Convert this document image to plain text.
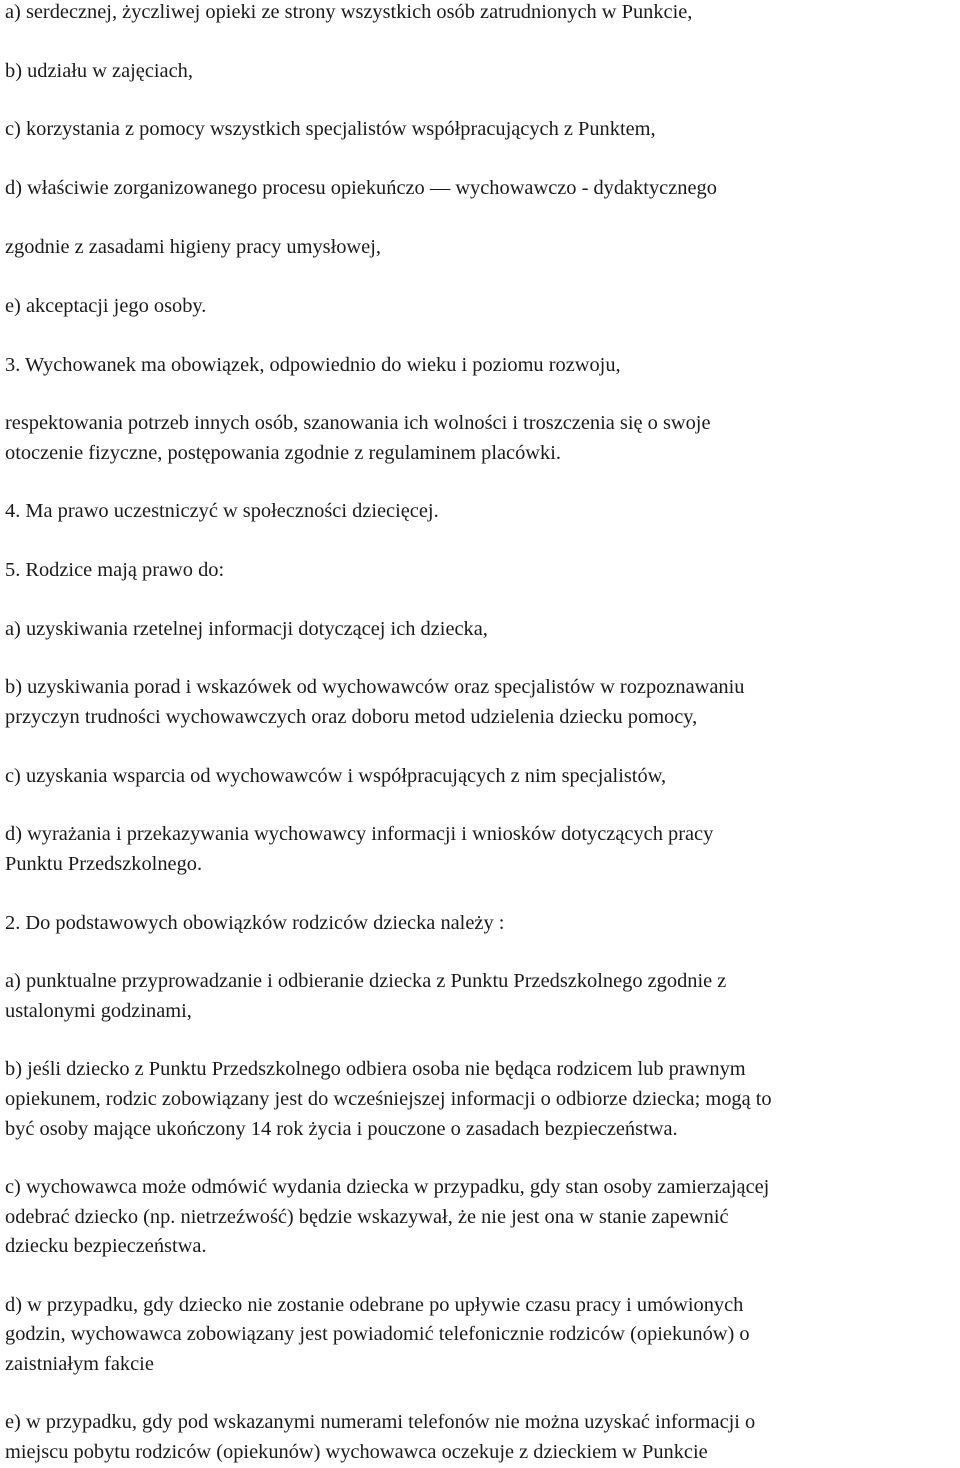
a) serdecznej, życzliwej opieki ze strony wszystkich osób zatrudnionych w Punkcie,

b) udziału w zajęciach,

c) korzystania z pomocy wszystkich specjalistów współpracujących z Punktem,

d) właściwie zorganizowanego procesu opiekuńczo ― wychowawczo - dydaktycznego

zgodnie z zasadami higieny pracy umysłowej,

e) akceptacji jego osoby.

3. Wychowanek ma obowiązek, odpowiednio do wieku i poziomu rozwoju,

respektowania potrzeb innych osób, szanowania ich wolności i troszczenia się o swoje

otoczenie fizyczne, postępowania zgodnie z regulaminem placówki.

4. Ma prawo uczestniczyć w społeczności dziecięcej.

5. Rodzice mają prawo do:

a) uzyskiwania rzetelnej informacji dotyczącej ich dziecka,

b) uzyskiwania porad i wskazówek od wychowawców oraz specjalistów w rozpoznawaniu

przyczyn trudności wychowawczych oraz doboru metod udzielenia dziecku pomocy,

c) uzyskania wsparcia od wychowawców i współpracujących z nim specjalistów,

d) wyrażania i przekazywania wychowawcy informacji i wniosków dotyczących pracy

Punktu Przedszkolnego.

2. Do podstawowych obowiązków rodziców dziecka należy :

a) punktualne przyprowadzanie i odbieranie dziecka z Punktu Przedszkolnego zgodnie z

ustalonymi godzinami,

b) jeśli dziecko z Punktu Przedszkolnego odbiera osoba nie będąca rodzicem lub prawnym

opiekunem, rodzic zobowiązany jest do wcześniejszej informacji o odbiorze dziecka; mogą to

być osoby mające ukończony 14 rok życia i pouczone o zasadach bezpieczeństwa.

c) wychowawca może odmówić wydania dziecka w przypadku, gdy stan osoby zamierzającej

odebrać dziecko (np. nietrzeźwość) będzie wskazywał, że nie jest ona w stanie zapewnić

dziecku bezpieczeństwa.

d) w przypadku, gdy dziecko nie zostanie odebrane po upływie czasu pracy i umówionych

godzin, wychowawca zobowiązany jest powiadomić telefonicznie rodziców (opiekunów) o

zaistniałym fakcie

e) w przypadku, gdy pod wskazanymi numerami telefonów nie można uzyskać informacji o

miejscu pobytu rodziców (opiekunów) wychowawca oczekuje z dzieckiem w Punkcie
